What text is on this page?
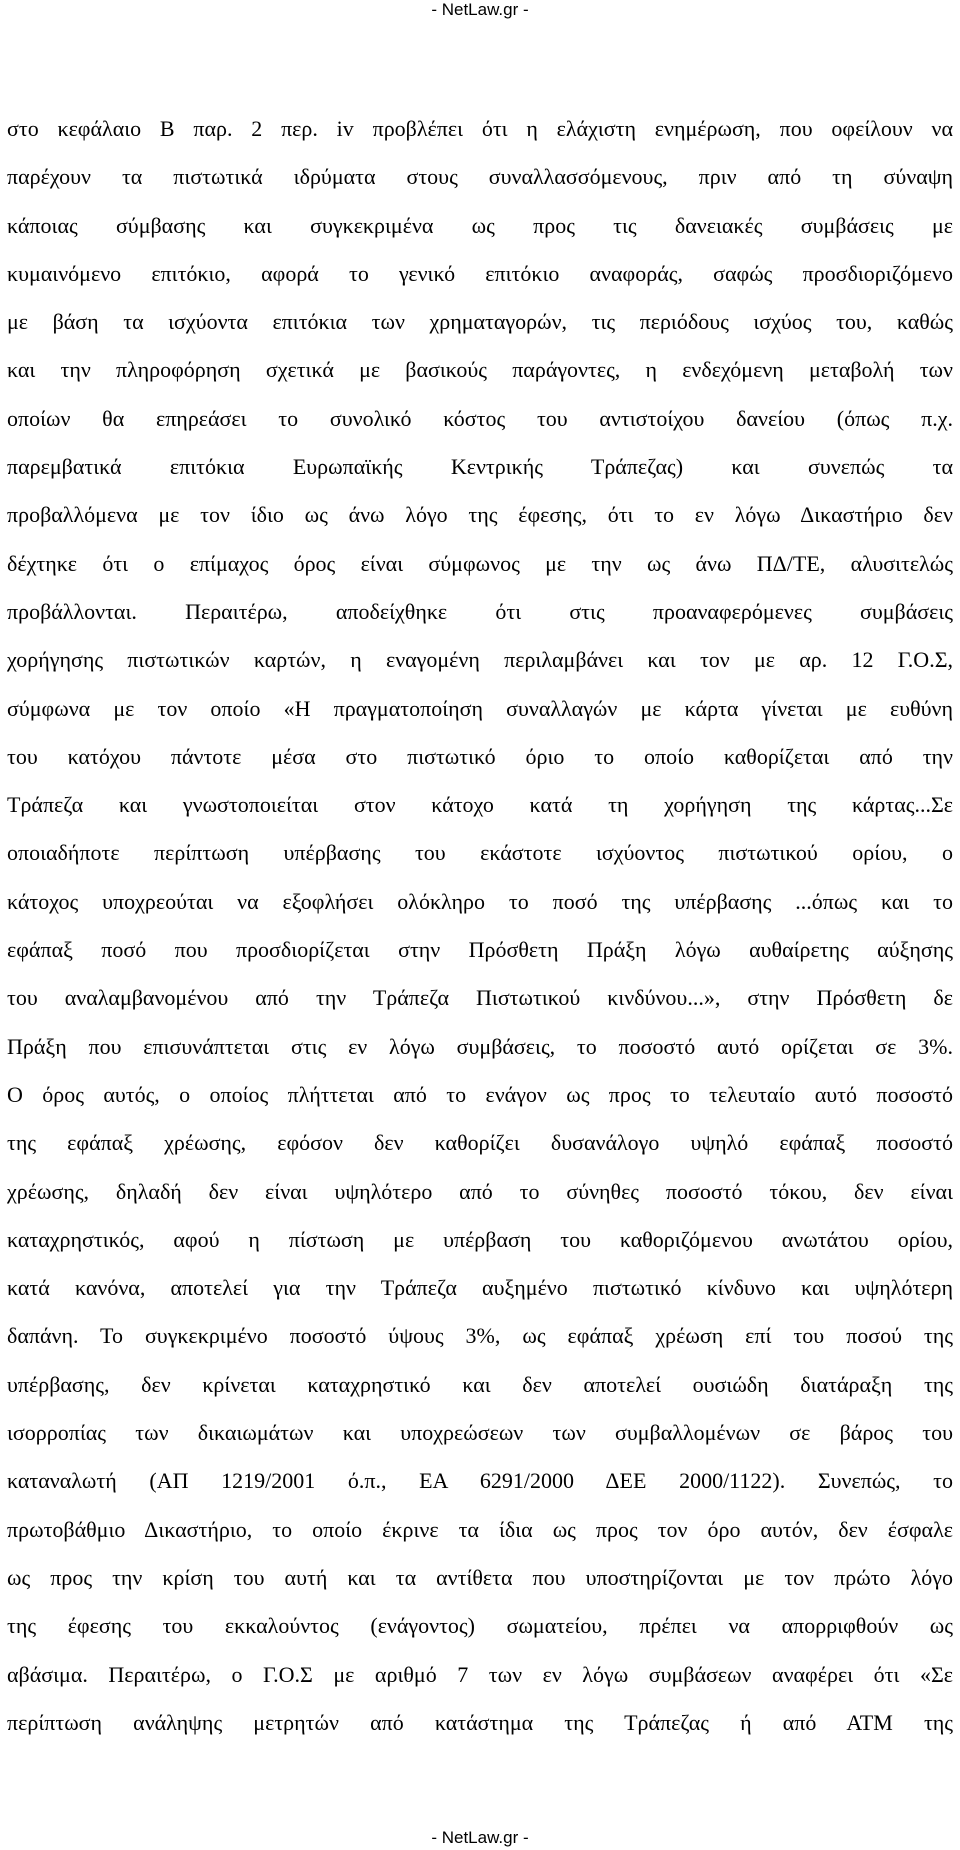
- NetLaw.gr -
στο κεφάλαιο Β παρ. 2 περ. iv προβλέπει ότι η ελάχιστη ενημέρωση, που οφείλουν να
παρέχουν τα πιστωτικά ιδρύματα στους συναλλασσόμενους, πριν από τη σύναψη
κάποιας σύμβασης και συγκεκριμένα ως προς τις δανειακές συμβάσεις με
κυμαινόμενο επιτόκιο, αφορά το γενικό επιτόκιο αναφοράς, σαφώς προσδιοριζόμενο
με βάση τα ισχύοντα επιτόκια των χρηματαγορών, τις περιόδους ισχύος του, καθώς
και την πληροφόρηση σχετικά με βασικούς παράγοντες, η ενδεχόμενη μεταβολή των
οποίων θα επηρεάσει το συνολικό κόστος του αντιστοίχου δανείου (όπως π.χ.
παρεμβατικά επιτόκια Ευρωπαϊκής Κεντρικής Τράπεζας) και συνεπώς τα
προβαλλόμενα με τον ίδιο ως άνω λόγο της έφεσης, ότι το εν λόγω Δικαστήριο δεν
δέχτηκε ότι ο επίμαχος όρος είναι σύμφωνος με την ως άνω ΠΔ/ΤΕ, αλυσιτελώς
προβάλλονται. Περαιτέρω, αποδείχθηκε ότι στις προαναφερόμενες συμβάσεις
χορήγησης πιστωτικών καρτών, η εναγομένη περιλαμβάνει και τον με αρ. 12 Γ.Ο.Σ,
σύμφωνα με τον οποίο «Η πραγματοποίηση συναλλαγών με κάρτα γίνεται με ευθύνη
του κατόχου πάντοτε μέσα στο πιστωτικό όριο το οποίο καθορίζεται από την
Τράπεζα και γνωστοποιείται στον κάτοχο κατά τη χορήγηση της κάρτας...Σε
οποιαδήποτε περίπτωση υπέρβασης του εκάστοτε ισχύοντος πιστωτικού ορίου, ο
κάτοχος υποχρεούται να εξοφλήσει ολόκληρο το ποσό της υπέρβασης ...όπως και το
εφάπαξ ποσό που προσδιορίζεται στην Πρόσθετη Πράξη λόγω αυθαίρετης αύξησης
του αναλαμβανομένου από την Τράπεζα Πιστωτικού κινδύνου...», στην Πρόσθετη δε
Πράξη που επισυνάπτεται στις εν λόγω συμβάσεις, το ποσοστό αυτό ορίζεται σε 3%.
Ο όρος αυτός, ο οποίος πλήττεται από το ενάγον ως προς το τελευταίο αυτό ποσοστό
της εφάπαξ χρέωσης, εφόσον δεν καθορίζει δυσανάλογο υψηλό εφάπαξ ποσοστό
χρέωσης, δηλαδή δεν είναι υψηλότερο από το σύνηθες ποσοστό τόκου, δεν είναι
καταχρηστικός, αφού η πίστωση με υπέρβαση του καθοριζόμενου ανωτάτου ορίου,
κατά κανόνα, αποτελεί για την Τράπεζα αυξημένο πιστωτικό κίνδυνο και υψηλότερη
δαπάνη. Το συγκεκριμένο ποσοστό ύψους 3%, ως εφάπαξ χρέωση επί του ποσού της
υπέρβασης, δεν κρίνεται καταχρηστικό και δεν αποτελεί ουσιώδη διατάραξη της
ισορροπίας των δικαιωμάτων και υποχρεώσεων των συμβαλλομένων σε βάρος του
καταναλωτή (ΑΠ 1219/2001 ό.π., ΕΑ 6291/2000 ΔΕΕ 2000/1122). Συνεπώς, το
πρωτοβάθμιο Δικαστήριο, το οποίο έκρινε τα ίδια ως προς τον όρο αυτόν, δεν έσφαλε
ως προς την κρίση του αυτή και τα αντίθετα που υποστηρίζονται με τον πρώτο λόγο
της έφεσης του εκκαλούντος (ενάγοντος) σωματείου, πρέπει να απορριφθούν ως
αβάσιμα. Περαιτέρω, ο Γ.Ο.Σ με αριθμό 7 των εν λόγω συμβάσεων αναφέρει ότι «Σε
περίπτωση ανάληψης μετρητών από κατάστημα της Τράπεζας ή από ΑΤΜ της
- NetLaw.gr -
